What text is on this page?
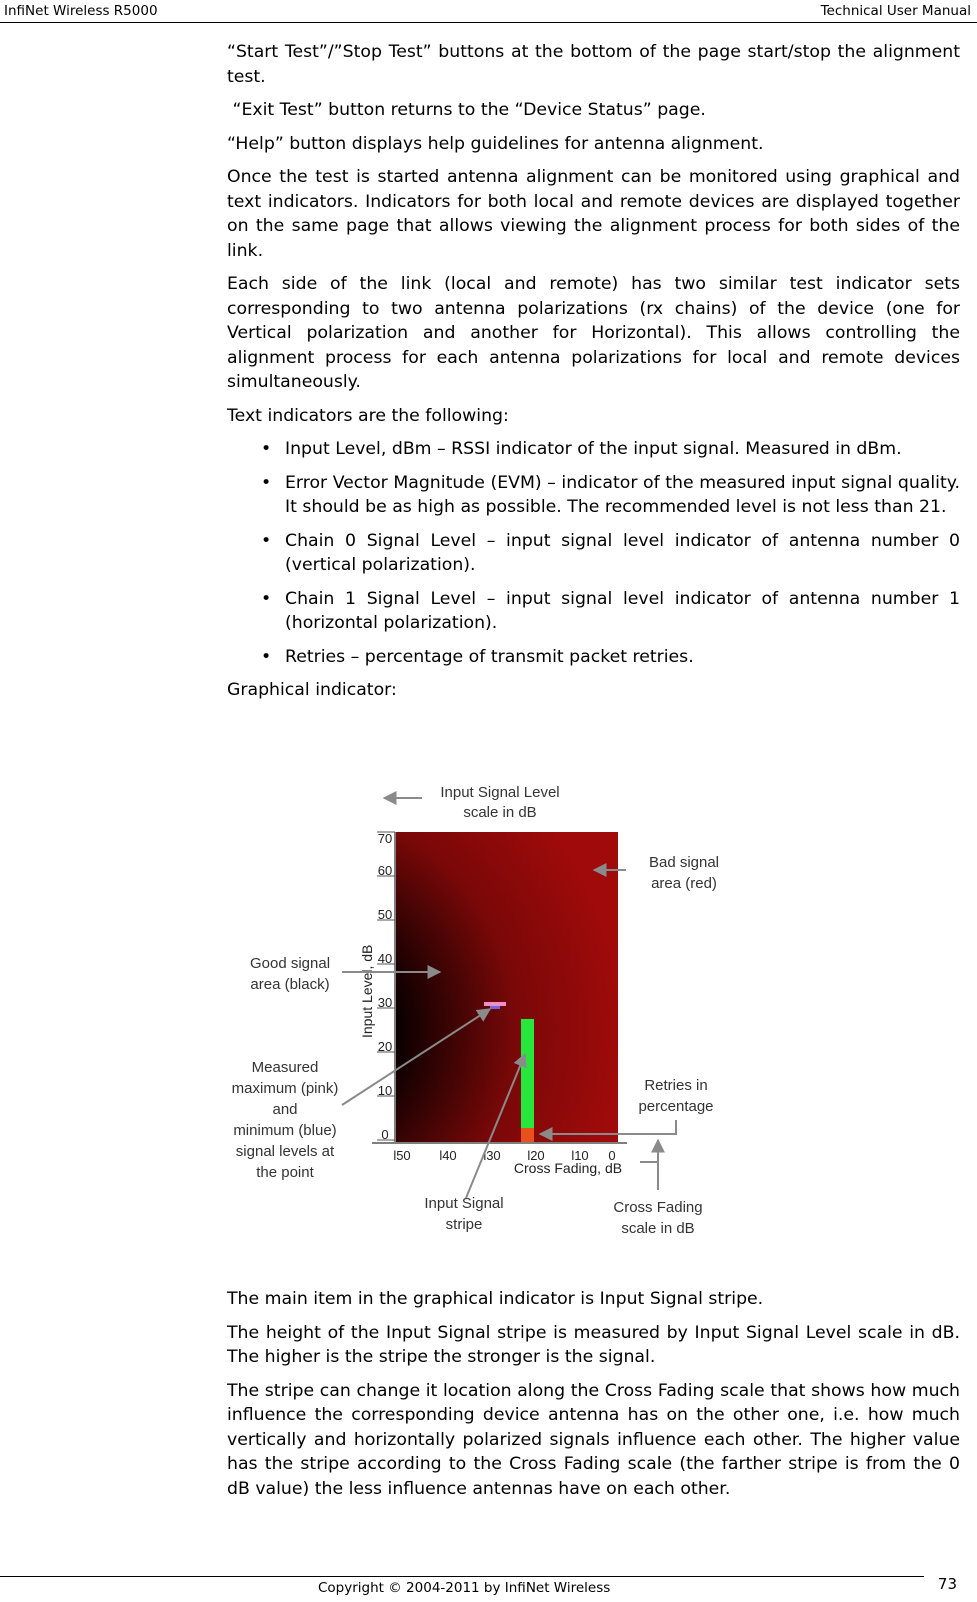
InfiNet Wireless R5000	Technical User Manual

“Start Test”/”Stop Test” buttons at the bottom of the page start/stop the alignment test.

“Exit Test” button returns to the “Device Status” page.

“Help” button displays help guidelines for antenna alignment.

Once the test is started antenna alignment can be monitored using graphical and text indicators. Indicators for both local and remote devices are displayed together on the same page that allows viewing the alignment process for both sides of the link.

Each side of the link (local and remote) has two similar test indicator sets corresponding to two antenna polarizations (rx chains) of the device (one for Vertical polarization and another for Horizontal). This allows controlling the alignment process for each antenna polarizations for local and remote devices simultaneously.

Text indicators are the following:

• Input Level, dBm – RSSI indicator of the input signal. Measured in dBm.
• Error Vector Magnitude (EVM) – indicator of the measured input signal quality. It should be as high as possible. The recommended level is not less than 21.
• Chain 0 Signal Level – input signal level indicator of antenna number 0 (vertical polarization).
• Chain 1 Signal Level – input signal level indicator of antenna number 1 (horizontal polarization).
• Retries – percentage of transmit packet retries.

Graphical indicator:

70
60
50
40
30
20
10
0
Input Level, dB
l50 l40 l30 l20 l10 0
Cross Fading, dB
Input Signal Level
scale in dB
Bad signal
area (red)
Good signal
area (black)
Measured
maximum (pink)
and
minimum (blue)
signal levels at
the point
Retries in
percentage
Input Signal
stripe
Cross Fading
scale in dB

The main item in the graphical indicator is Input Signal stripe.

The height of the Input Signal stripe is measured by Input Signal Level scale in dB. The higher is the stripe the stronger is the signal.

The stripe can change it location along the Cross Fading scale that shows how much influence the corresponding device antenna has on the other one, i.e. how much vertically and horizontally polarized signals influence each other. The higher value has the stripe according to the Cross Fading scale (the farther stripe is from the 0 dB value) the less influence antennas have on each other.

Copyright © 2004-2011 by InfiNet Wireless	73
